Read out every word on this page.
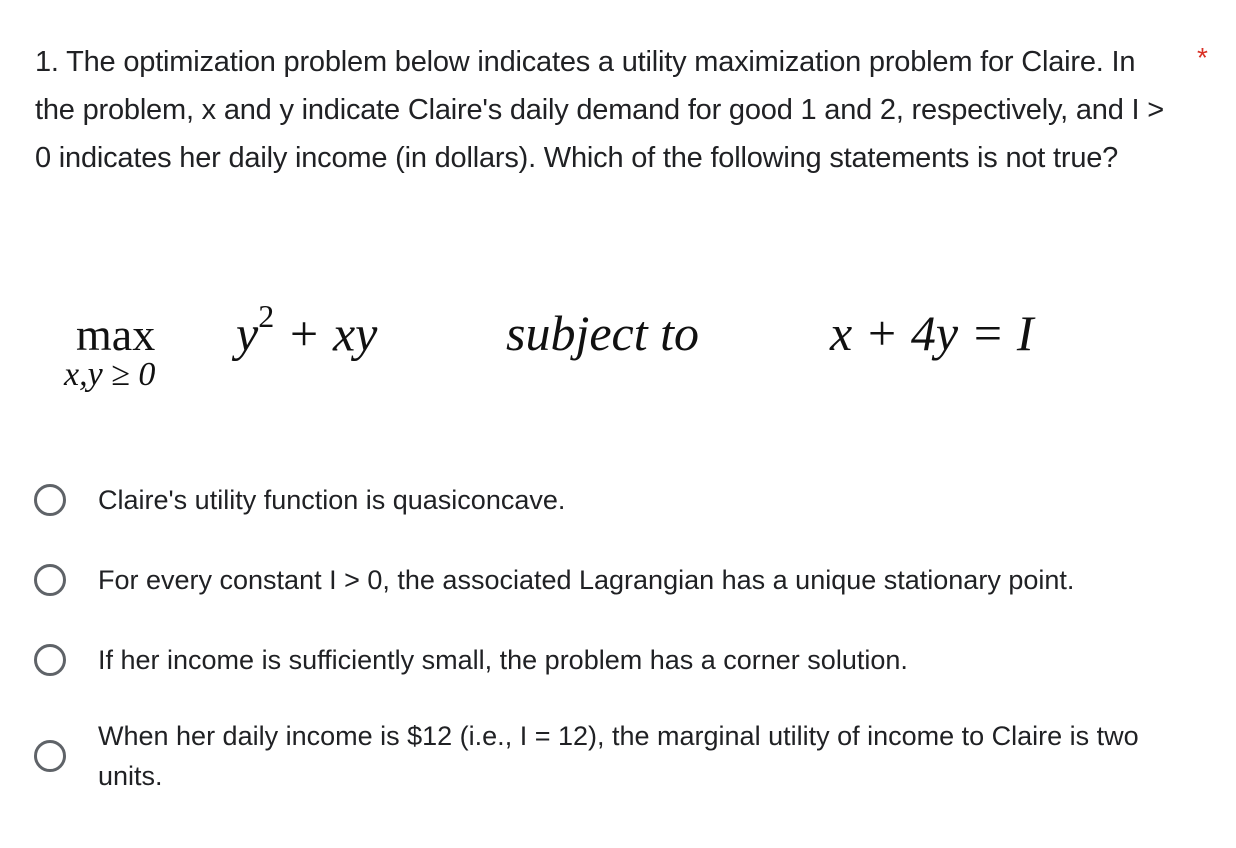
1. The optimization problem below indicates a utility maximization problem for Claire. In the problem, x and y indicate Claire's daily demand for good 1 and 2, respectively, and I > 0 indicates her daily income (in dollars). Which of the following statements is not true?
*
max
x,y ≥ 0
$y^2$ + xy	subject to	x + 4y = I
Claire's utility function is quasiconcave.
For every constant I > 0, the associated Lagrangian has a unique stationary point.
If her income is sufficiently small, the problem has a corner solution.
When her daily income is $12 (i.e., I = 12), the marginal utility of income to Claire is two units.
